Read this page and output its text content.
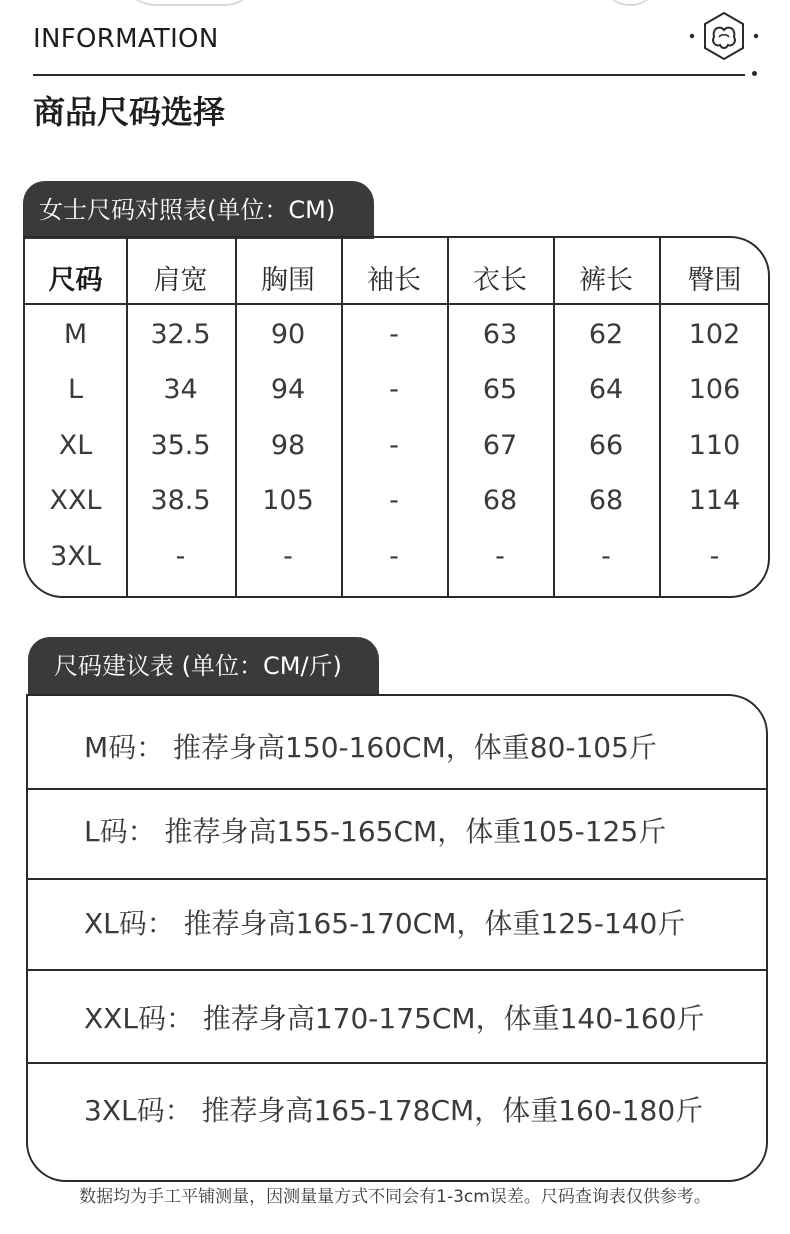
INFORMATION
商品尺码选择
女士尺码对照表(单位：CM)
尺码	肩宽	胸围	袖长	衣长	裤长	臀围
M	32.5	90	-	63	62	102
L	34	94	-	65	64	106
XL	35.5	98	-	67	66	110
XXL	38.5	105	-	68	68	114
3XL	-	-	-	-	-	-
尺码建议表 (单位：CM/斤)
M码： 推荐身高150-160CM，体重80-105斤
L码： 推荐身高155-165CM，体重105-125斤
XL码： 推荐身高165-170CM，体重125-140斤
XXL码： 推荐身高170-175CM，体重140-160斤
3XL码： 推荐身高165-178CM，体重160-180斤
数据均为手工平铺测量，因测量量方式不同会有1-3cm误差。尺码查询表仅供参考。
